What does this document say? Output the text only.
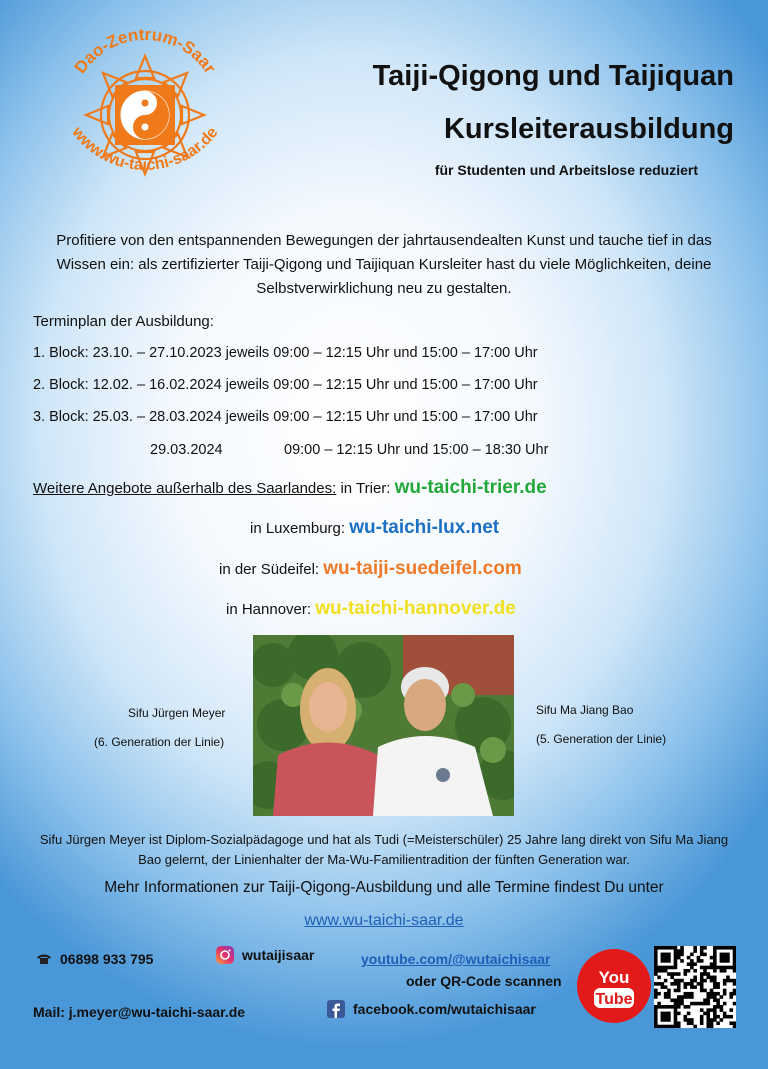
Dao-Zentrum-Saar
www.wu-taichi-saar.de
Taiji-Qigong und Taijiquan
Kursleiterausbildung
für Studenten und Arbeitslose reduziert
Profitiere von den entspannenden Bewegungen der jahrtausendealten Kunst und tauche tief in das Wissen ein: als zertifizierter Taiji-Qigong und Taijiquan Kursleiter hast du viele Möglichkeiten, deine Selbstverwirklichung neu zu gestalten.
Terminplan der Ausbildung:
1. Block: 23.10. – 27.10.2023 jeweils 09:00 – 12:15 Uhr und 15:00 – 17:00 Uhr
2. Block: 12.02. – 16.02.2024 jeweils 09:00 – 12:15 Uhr und 15:00 – 17:00 Uhr
3. Block: 25.03. – 28.03.2024 jeweils 09:00 – 12:15 Uhr und 15:00 – 17:00 Uhr
29.03.2024	09:00 – 12:15 Uhr und 15:00 – 18:30 Uhr
Weitere Angebote außerhalb des Saarlandes: in Trier: wu-taichi-trier.de
in Luxemburg: wu-taichi-lux.net
in der Südeifel: wu-taiji-suedeifel.com
in Hannover: wu-taichi-hannover.de
Sifu Jürgen Meyer
(6. Generation der Linie)
Sifu Ma Jiang Bao
(5. Generation der Linie)
Sifu Jürgen Meyer ist Diplom-Sozialpädagoge und hat als Tudi (=Meisterschüler) 25 Jahre lang direkt von Sifu Ma Jiang Bao gelernt, der Linienhalter der Ma-Wu-Familientradition der fünften Generation war.
Mehr Informationen zur Taiji-Qigong-Ausbildung und alle Termine findest Du unter
www.wu-taichi-saar.de
06898 933 795	wutaijisaar	youtube.com/@wutaichisaar
oder QR-Code scannen
Mail: j.meyer@wu-taichi-saar.de	facebook.com/wutaichisaar
You
Tube
